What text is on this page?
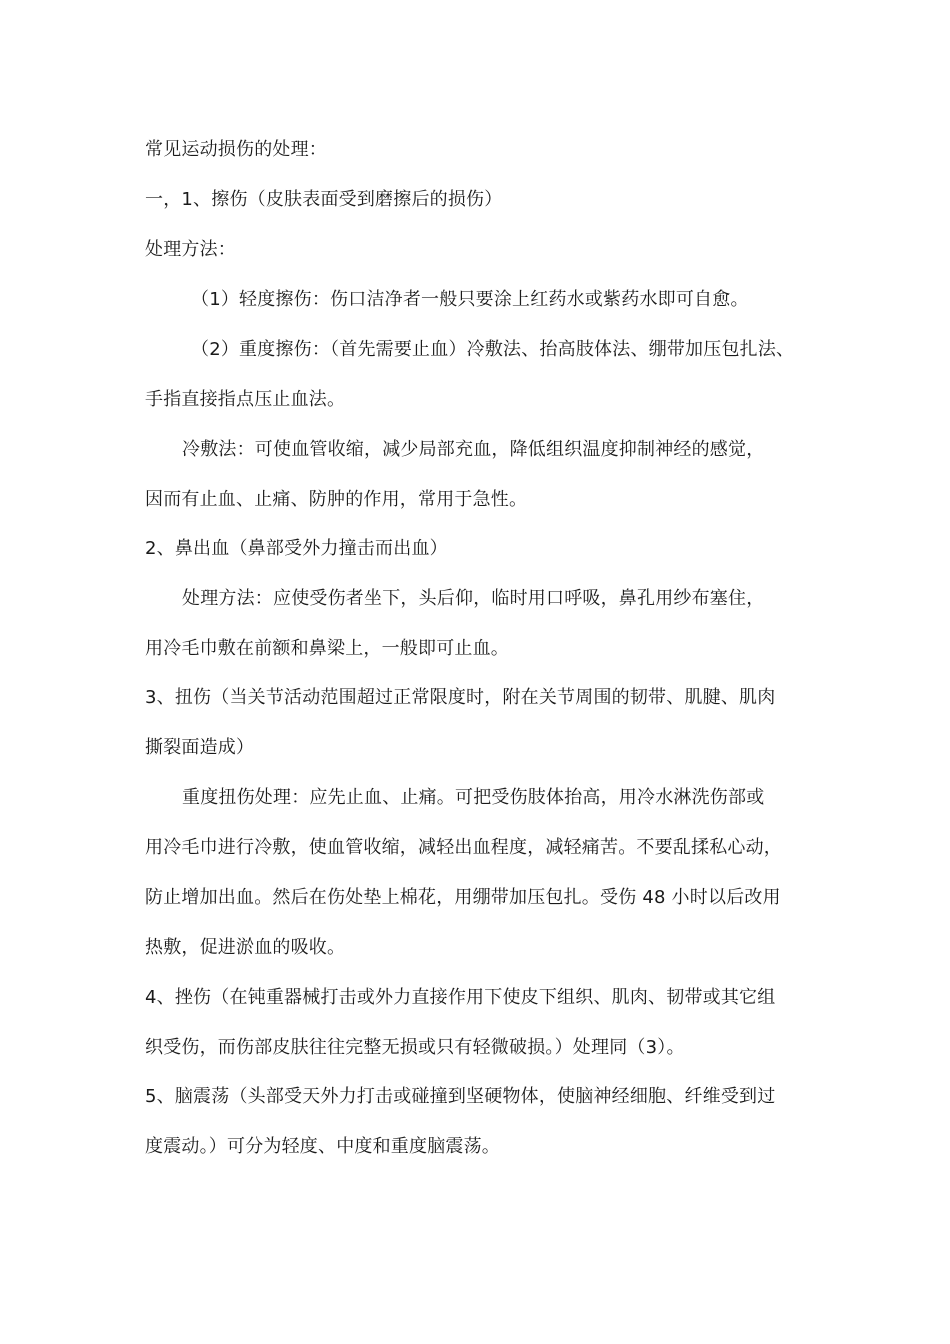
常见运动损伤的处理：
一，1、擦伤（皮肤表面受到磨擦后的损伤）
处理方法：
（1）轻度擦伤：伤口洁净者一般只要涂上红药水或紫药水即可自愈。
（2）重度擦伤：（首先需要止血）冷敷法、抬高肢体法、绷带加压包扎法、
手指直接指点压止血法。
冷敷法：可使血管收缩，减少局部充血，降低组织温度抑制神经的感觉，
因而有止血、止痛、防肿的作用，常用于急性。
2、鼻出血（鼻部受外力撞击而出血）
处理方法：应使受伤者坐下，头后仰，临时用口呼吸，鼻孔用纱布塞住，
用冷毛巾敷在前额和鼻梁上，一般即可止血。
3、扭伤（当关节活动范围超过正常限度时，附在关节周围的韧带、肌腱、肌肉
撕裂面造成）
重度扭伤处理：应先止血、止痛。可把受伤肢体抬高，用冷水淋洗伤部或
用冷毛巾进行冷敷，使血管收缩，减轻出血程度，减轻痛苦。不要乱揉私心动，
防止增加出血。然后在伤处垫上棉花，用绷带加压包扎。受伤 48 小时以后改用
热敷，促进淤血的吸收。
4、挫伤（在钝重器械打击或外力直接作用下使皮下组织、肌肉、韧带或其它组
织受伤，而伤部皮肤往往完整无损或只有轻微破损。）处理同（3）。
5、脑震荡（头部受天外力打击或碰撞到坚硬物体，使脑神经细胞、纤维受到过
度震动。）可分为轻度、中度和重度脑震荡。
